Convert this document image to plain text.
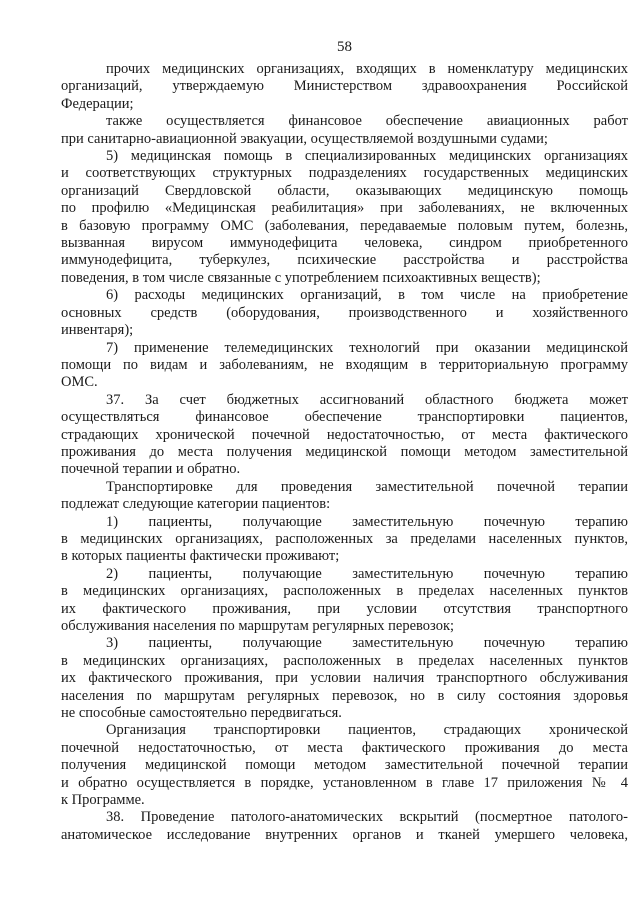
58
прочих медицинских организациях, входящих в номенклатуру медицинских
организаций, утверждаемую Министерством здравоохранения Российской
Федерации;
также осуществляется финансовое обеспечение авиационных работ
при санитарно-авиационной эвакуации, осуществляемой воздушными судами;
5) медицинская помощь в специализированных медицинских организациях
и соответствующих структурных подразделениях государственных медицинских
организаций Свердловской области, оказывающих медицинскую помощь
по профилю «Медицинская реабилитация» при заболеваниях, не включенных
в базовую программу ОМС (заболевания, передаваемые половым путем, болезнь,
вызванная вирусом иммунодефицита человека, синдром приобретенного
иммунодефицита, туберкулез, психические расстройства и расстройства
поведения, в том числе связанные с употреблением психоактивных веществ);
6) расходы медицинских организаций, в том числе на приобретение
основных средств (оборудования, производственного и хозяйственного
инвентаря);
7) применение телемедицинских технологий при оказании медицинской
помощи по видам и заболеваниям, не входящим в территориальную программу
ОМС.
37. За счет бюджетных ассигнований областного бюджета может
осуществляться финансовое обеспечение транспортировки пациентов,
страдающих хронической почечной недостаточностью, от места фактического
проживания до места получения медицинской помощи методом заместительной
почечной терапии и обратно.
Транспортировке для проведения заместительной почечной терапии
подлежат следующие категории пациентов:
1) пациенты, получающие заместительную почечную терапию
в медицинских организациях, расположенных за пределами населенных пунктов,
в которых пациенты фактически проживают;
2) пациенты, получающие заместительную почечную терапию
в медицинских организациях, расположенных в пределах населенных пунктов
их фактического проживания, при условии отсутствия транспортного
обслуживания населения по маршрутам регулярных перевозок;
3) пациенты, получающие заместительную почечную терапию
в медицинских организациях, расположенных в пределах населенных пунктов
их фактического проживания, при условии наличия транспортного обслуживания
населения по маршрутам регулярных перевозок, но в силу состояния здоровья
не способные самостоятельно передвигаться.
Организация транспортировки пациентов, страдающих хронической
почечной недостаточностью, от места фактического проживания до места
получения медицинской помощи методом заместительной почечной терапии
и обратно осуществляется в порядке, установленном в главе 17 приложения № 4
к Программе.
38. Проведение патолого-анатомических вскрытий (посмертное патолого-
анатомическое исследование внутренних органов и тканей умершего человека,
